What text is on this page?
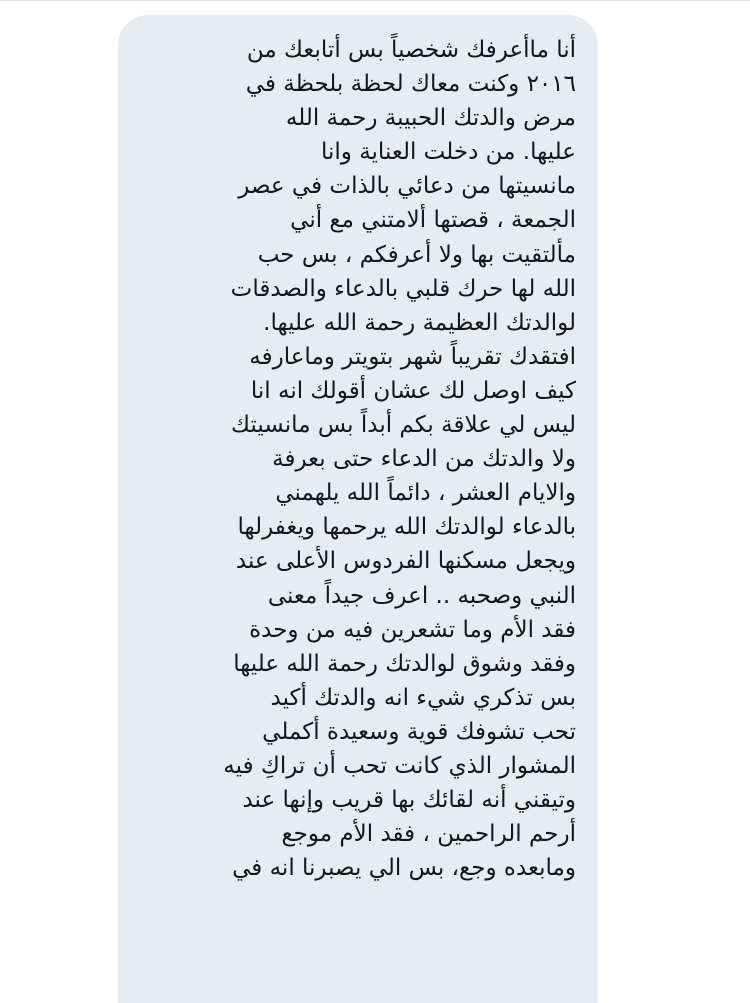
أنا ماأعرفك شخصياً بس أتابعك من
٢٠١٦ وكنت معاك لحظة بلحظة في
مرض والدتك الحبيبة رحمة الله
عليها. من دخلت العناية وانا
مانسيتها من دعائي بالذات في عصر
الجمعة ، قصتها ألامتني مع أني
مألتقيت بها ولا أعرفكم ، بس حب
الله لها حرك قلبي بالدعاء والصدقات
لوالدتك العظيمة رحمة الله عليها.
افتقدك تقريباً شهر بتويتر وماعارفه
كيف اوصل لك عشان أقولك انه انا
ليس لي علاقة بكم أبداً بس مانسيتك
ولا والدتك من الدعاء حتى بعرفة
والايام العشر ، دائماً الله يلهمني
بالدعاء لوالدتك الله يرحمها ويغفرلها
ويجعل مسكنها الفردوس الأعلى عند
النبي وصحبه .. اعرف جيداً معنى
فقد الأم وما تشعرين فيه من وحدة
وفقد وشوق لوالدتك رحمة الله عليها
بس تذكري شيء انه والدتك أكيد
تحب تشوفك قوية وسعيدة أكملي
المشوار الذي كانت تحب أن تراكِ فيه
وتيقني أنه لقائك بها قريب وإنها عند
أرحم الراحمين ، فقد الأم موجع
ومابعده وجع، بس الي يصبرنا انه في
